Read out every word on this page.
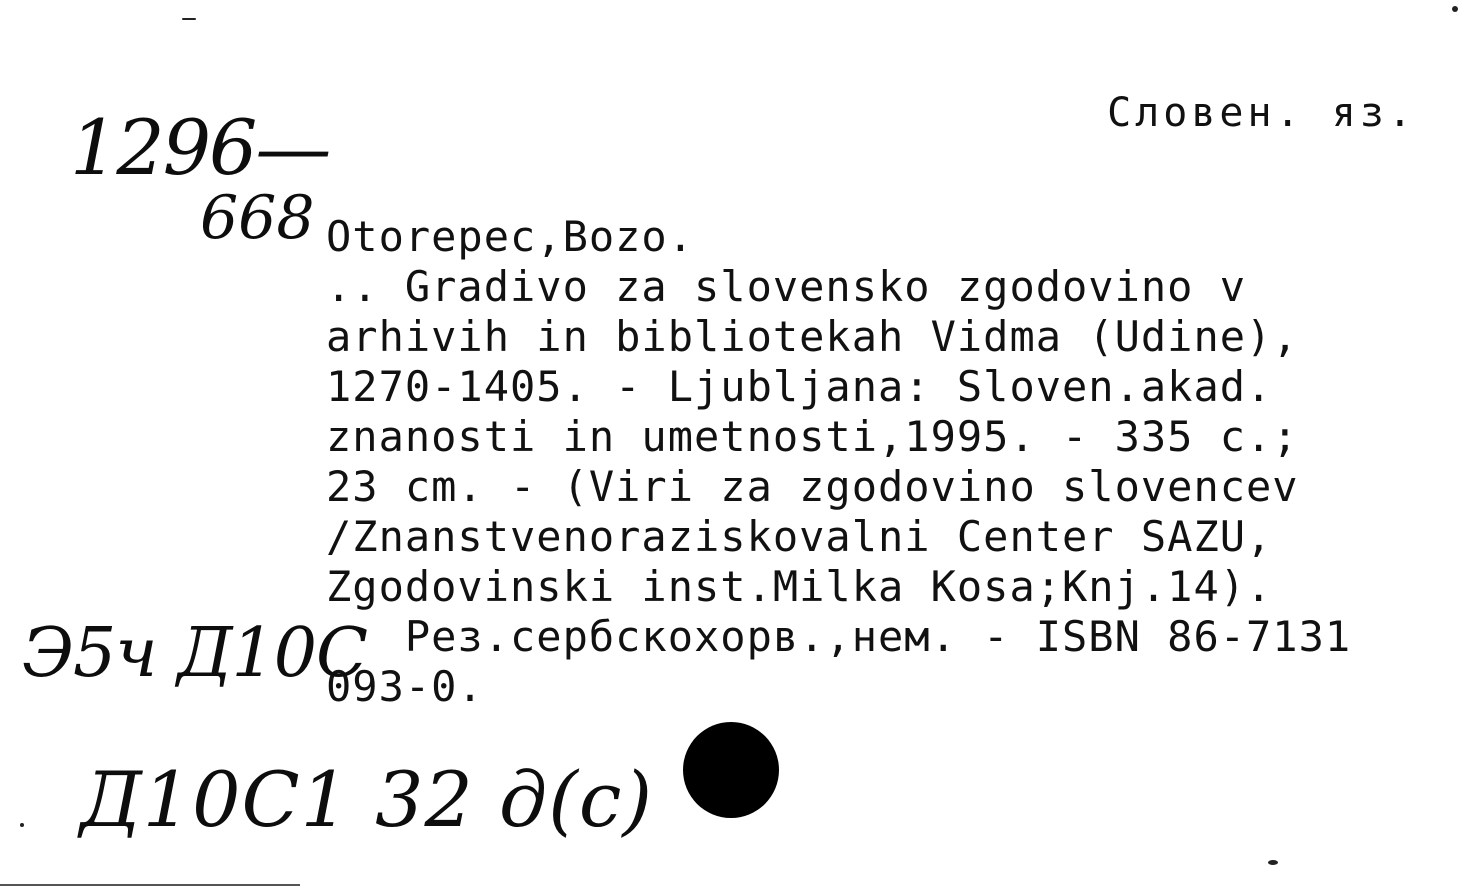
Словен. яз.
1296—
668 Otorepec,Bozo.
.. Gradivo za slovensko zgodovino v
arhivih in bibliotekah Vidma (Udine),
1270-1405. - Ljubljana: Sloven.akad.
znanosti in umetnosti,1995. - 335 c.;
23 cm. - (Viri za zgodovino slovencev
/Znanstvenoraziskovalni Center SAZU,
Zgodovinski inst.Milka Kosa;Knj.14).
Рез.сербскохорв.,нем. - ISBN 86-7131
093-0.
Э5ч Д10С
Д10С1 32 д(с)
